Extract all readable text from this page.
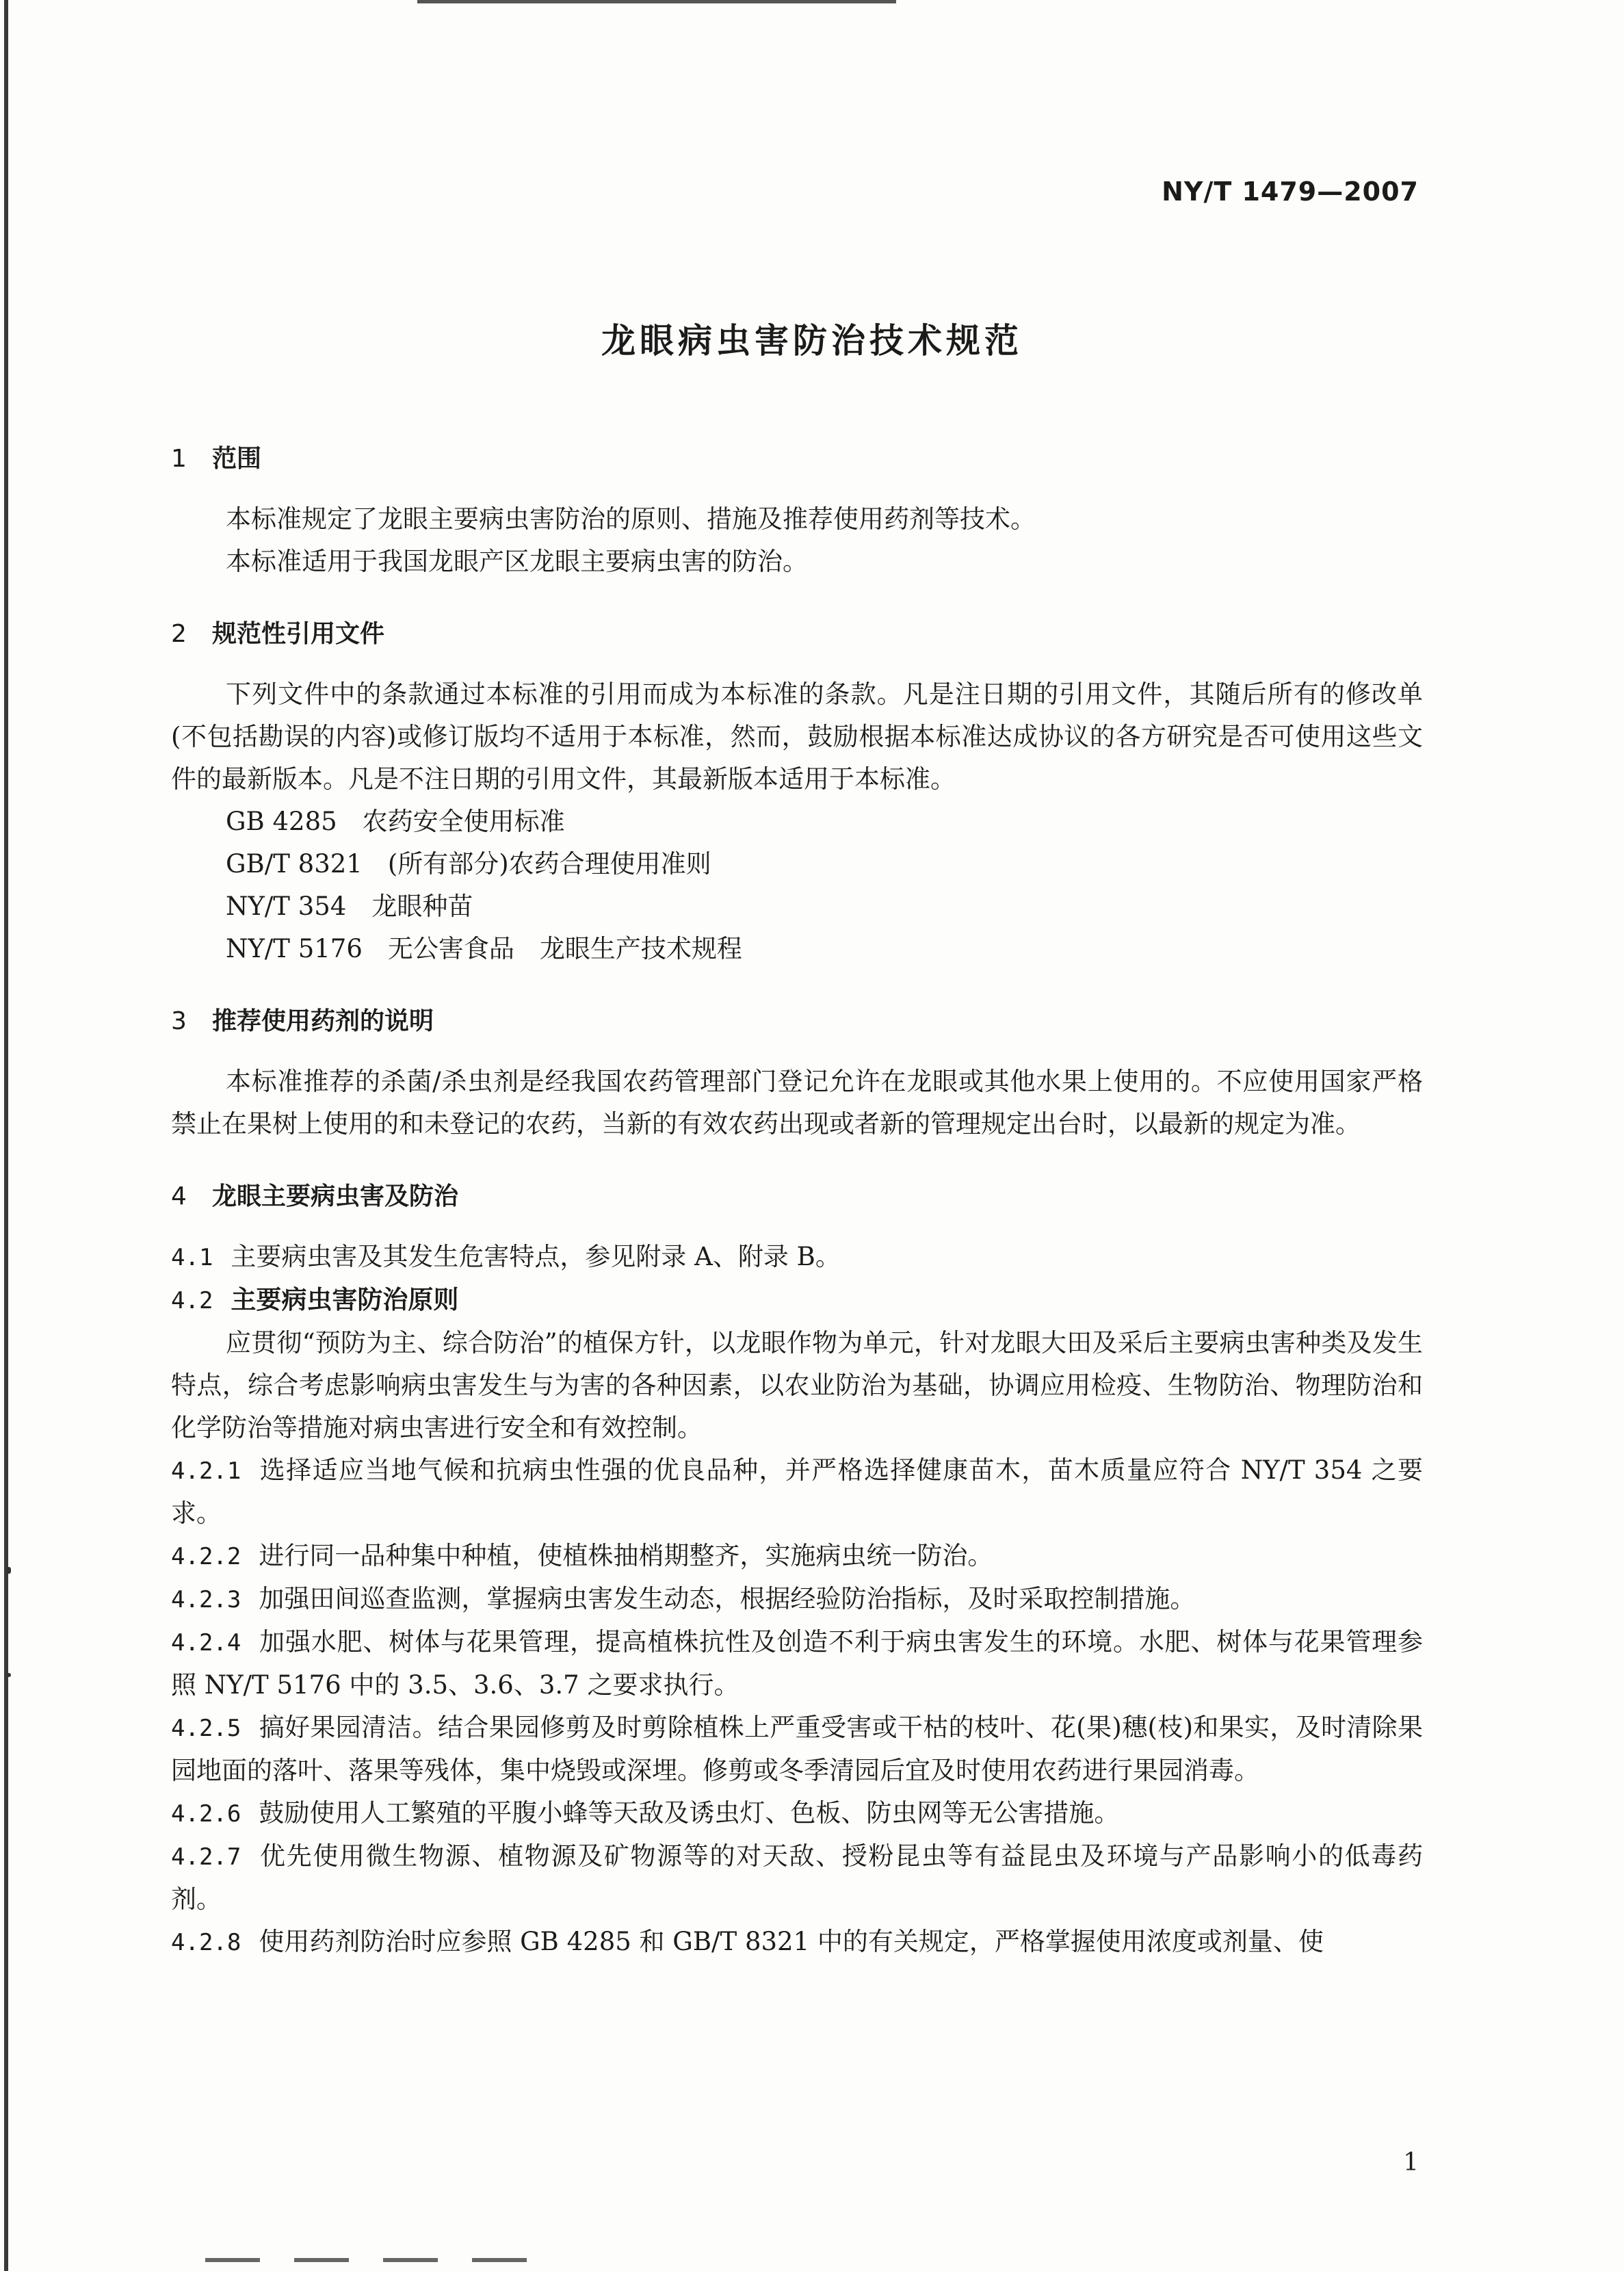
NY/T 1479—2007
龙眼病虫害防治技术规范

1 范围

本标准规定了龙眼主要病虫害防治的原则、措施及推荐使用药剂等技术。

本标准适用于我国龙眼产区龙眼主要病虫害的防治。

2 规范性引用文件

下列文件中的条款通过本标准的引用而成为本标准的条款。凡是注日期的引用文件，其随后所有的修改单(不包括勘误的内容)或修订版均不适用于本标准，然而，鼓励根据本标准达成协议的各方研究是否可使用这些文件的最新版本。凡是不注日期的引用文件，其最新版本适用于本标准。

GB 4285　农药安全使用标准

GB/T 8321　(所有部分)农药合理使用准则

NY/T 354　龙眼种苗

NY/T 5176　无公害食品　龙眼生产技术规程

3 推荐使用药剂的说明

本标准推荐的杀菌/杀虫剂是经我国农药管理部门登记允许在龙眼或其他水果上使用的。不应使用国家严格禁止在果树上使用的和未登记的农药，当新的有效农药出现或者新的管理规定出台时，以最新的规定为准。

4 龙眼主要病虫害及防治

4.1 主要病虫害及其发生危害特点，参见附录 A、附录 B。

4.2 主要病虫害防治原则

应贯彻“预防为主、综合防治”的植保方针，以龙眼作物为单元，针对龙眼大田及采后主要病虫害种类及发生特点，综合考虑影响病虫害发生与为害的各种因素，以农业防治为基础，协调应用检疫、生物防治、物理防治和化学防治等措施对病虫害进行安全和有效控制。

4.2.1 选择适应当地气候和抗病虫性强的优良品种，并严格选择健康苗木，苗木质量应符合 NY/T 354 之要求。

4.2.2 进行同一品种集中种植，使植株抽梢期整齐，实施病虫统一防治。

4.2.3 加强田间巡查监测，掌握病虫害发生动态，根据经验防治指标，及时采取控制措施。

4.2.4 加强水肥、树体与花果管理，提高植株抗性及创造不利于病虫害发生的环境。水肥、树体与花果管理参照 NY/T 5176 中的 3.5、3.6、3.7 之要求执行。

4.2.5 搞好果园清洁。结合果园修剪及时剪除植株上严重受害或干枯的枝叶、花(果)穗(枝)和果实，及时清除果园地面的落叶、落果等残体，集中烧毁或深埋。修剪或冬季清园后宜及时使用农药进行果园消毒。

4.2.6 鼓励使用人工繁殖的平腹小蜂等天敌及诱虫灯、色板、防虫网等无公害措施。

4.2.7 优先使用微生物源、植物源及矿物源等的对天敌、授粉昆虫等有益昆虫及环境与产品影响小的低毒药剂。

4.2.8 使用药剂防治时应参照 GB 4285 和 GB/T 8321 中的有关规定，严格掌握使用浓度或剂量、使

1
